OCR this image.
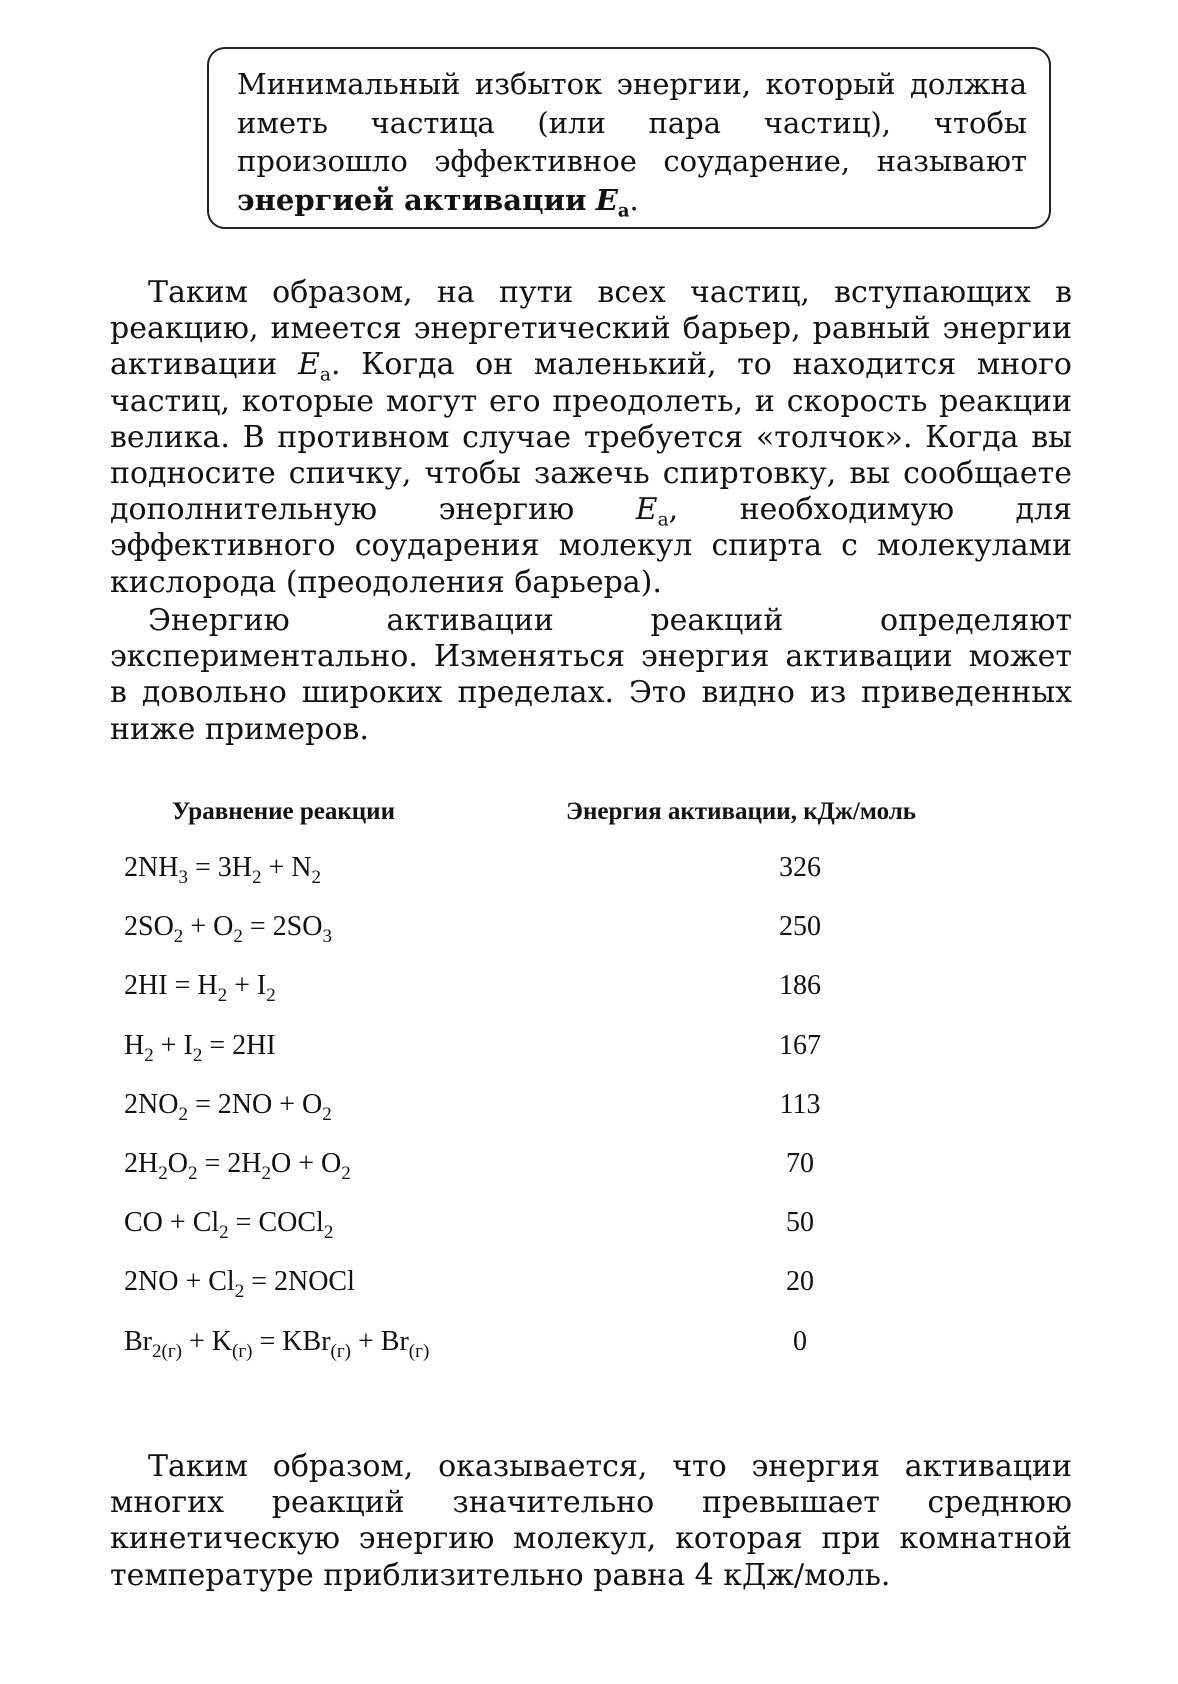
Минимальный избыток энергии, который должна иметь частица (или пара частиц), чтобы произошло эффективное соударение, называют энергией активации $E_а$.
Таким образом, на пути всех частиц, вступающих в реакцию, имеется энергетический барьер, равный энергии активации $E_а$. Когда он маленький, то находится много частиц, которые могут его преодолеть, и скорость реакции велика. В противном случае требуется «толчок». Когда вы подносите спичку, чтобы зажечь спиртовку, вы сообщаете дополнительную энергию $E_а$, необходимую для эффективного соударения молекул спирта с молекулами кислорода (преодоления барьера).
Энергию активации реакций определяют экспериментально. Изменяться энергия активации может в довольно широких пределах. Это видно из приведенных ниже примеров.
Уравнение реакции	Энергия активации, кДж/моль
$2NH_3 = 3H_2 + N_2$	326
$2SO_2 + O_2 = 2SO_3$	250
$2HI = H_2 + I_2$	186
$H_2 + I_2 = 2HI$	167
$2NO_2 = 2NO + O_2$	113
$2H_2O_2 = 2H_2O + O_2$	70
CO + $Cl_2$ = COCl$_2$	50
$2NO + Cl_2$ = 2NOCl	20
$Br_{2(г)} + K_{(г)} = KBr_{(г)} + Br_{(г)}$	0
Таким образом, оказывается, что энергия активации многих реакций значительно превышает среднюю кинетическую энергию молекул, которая при комнатной температуре приблизительно равна 4 кДж/моль.
